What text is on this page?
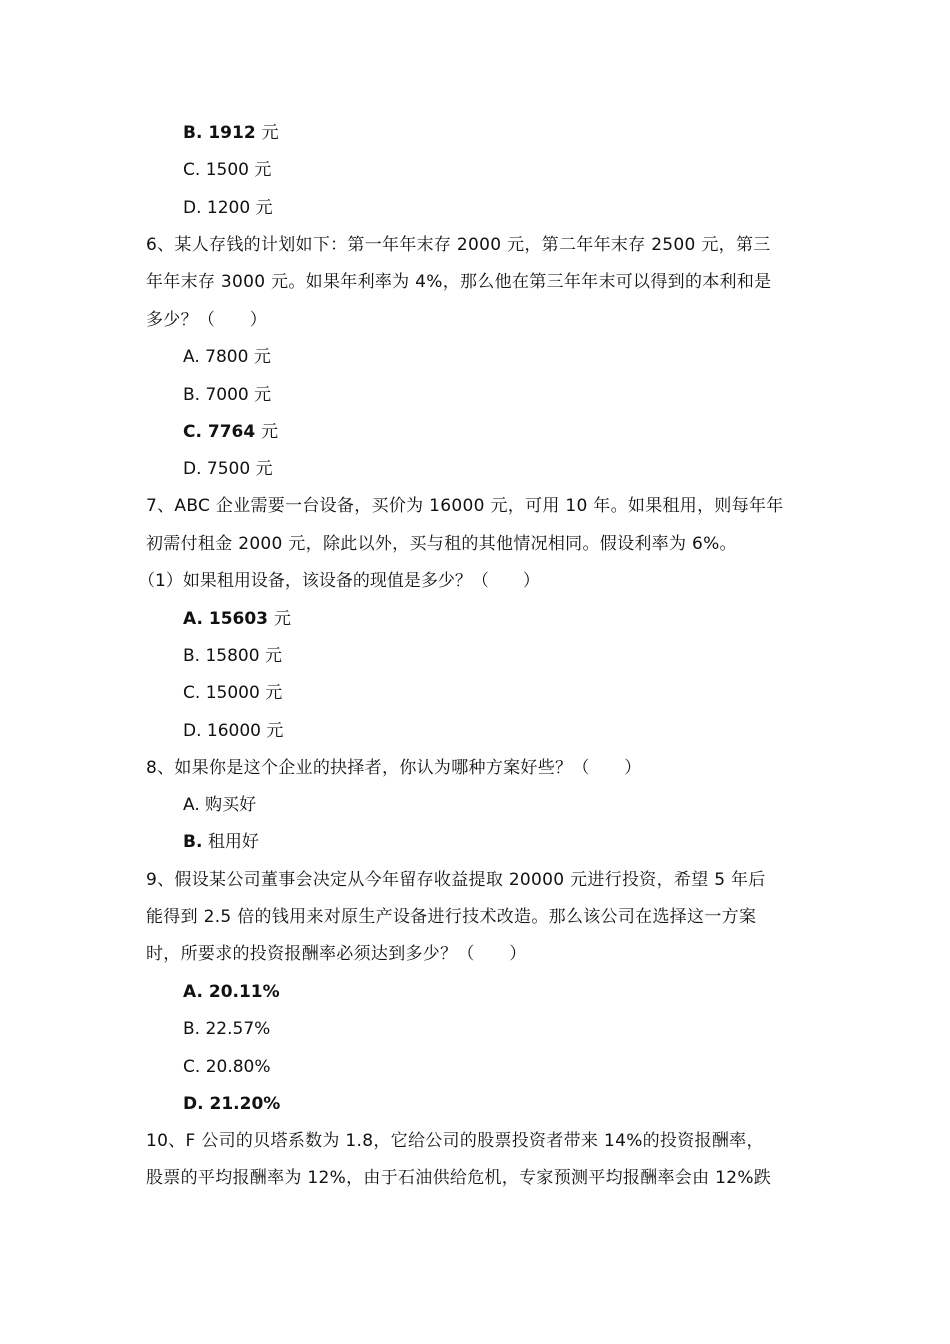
B. 1912 元
C. 1500 元
D. 1200 元
6、某人存钱的计划如下：第一年年末存 2000 元，第二年年末存 2500 元，第三
年年末存 3000 元。如果年利率为 4%，那么他在第三年年末可以得到的本利和是
多少？（　　）
A. 7800 元
B. 7000 元
C. 7764 元
D. 7500 元
7、ABC 企业需要一台设备，买价为 16000 元，可用 10 年。如果租用，则每年年
初需付租金 2000 元，除此以外，买与租的其他情况相同。假设利率为 6%。
（1）如果租用设备，该设备的现值是多少？（　　）
A. 15603 元
B. 15800 元
C. 15000 元
D. 16000 元
8、如果你是这个企业的抉择者，你认为哪种方案好些？（　　）
A. 购买好
B. 租用好
9、假设某公司董事会决定从今年留存收益提取 20000 元进行投资，希望 5 年后
能得到 2.5 倍的钱用来对原生产设备进行技术改造。那么该公司在选择这一方案
时，所要求的投资报酬率必须达到多少？（　　）
A. 20.11%
B. 22.57%
C. 20.80%
D. 21.20%
10、F 公司的贝塔系数为 1.8，它给公司的股票投资者带来 14%的投资报酬率，
股票的平均报酬率为 12%，由于石油供给危机，专家预测平均报酬率会由 12%跌
